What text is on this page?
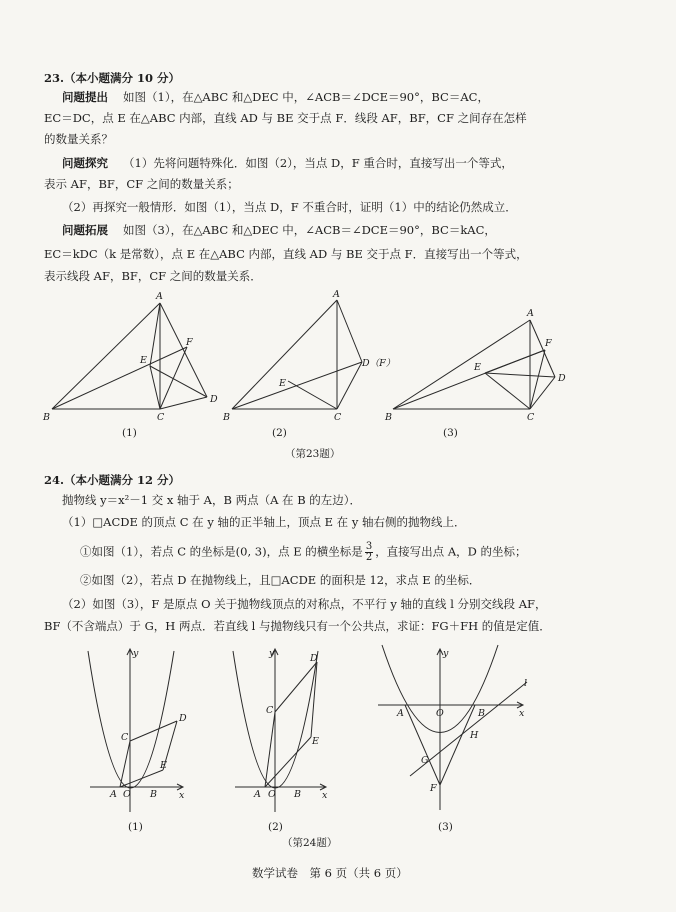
23.（本小题满分 10 分）
问题提出 如图（1），在△ABC 和△DEC 中，∠ACB＝∠DCE＝90°，BC＝AC，
EC＝DC，点 E 在△ABC 内部，直线 AD 与 BE 交于点 F．线段 AF，BF，CF 之间存在怎样
的数量关系？
问题探究 （1）先将问题特殊化．如图（2），当点 D，F 重合时，直接写出一个等式，
表示 AF，BF，CF 之间的数量关系；
（2）再探究一般情形．如图（1），当点 D，F 不重合时，证明（1）中的结论仍然成立．
问题拓展 如图（3），在△ABC 和△DEC 中，∠ACB＝∠DCE＝90°，BC＝kAC，
EC＝kDC（k 是常数），点 E 在△ABC 内部，直线 AD 与 BE 交于点 F．直接写出一个等式，
表示线段 AF，BF，CF 之间的数量关系．
A
B	C
D
E
F
A
B	C
E
D（F）
A
B	C
D
E
F
(1)	(2)	(3)
（第23题）
24.（本小题满分 12 分）
抛物线 y＝x²－1 交 x 轴于 A，B 两点（A 在 B 的左边）．
（1）□ACDE 的顶点 C 在 y 轴的正半轴上，顶点 E 在 y 轴右侧的抛物线上．
①如图（1），若点 C 的坐标是(0, 3)，点 E 的横坐标是 $\frac{3}{2}$ ，直接写出点 A，D 的坐标；
②如图（2），若点 D 在抛物线上，且□ACDE 的面积是 12，求点 E 的坐标．
（2）如图（3），F 是原点 O 关于抛物线顶点的对称点，不平行 y 轴的直线 l 分别交线段 AF，
BF（不含端点）于 G，H 两点．若直线 l 与抛物线只有一个公共点，求证：FG＋FH 的值是定值．
y
x
A O B
C
D
E
y
x
A O B
C
D
E
y
x
A	O	B
F
G
H
l
(1)	(2)	(3)
（第24题）
数学试卷　第 6 页（共 6 页）
